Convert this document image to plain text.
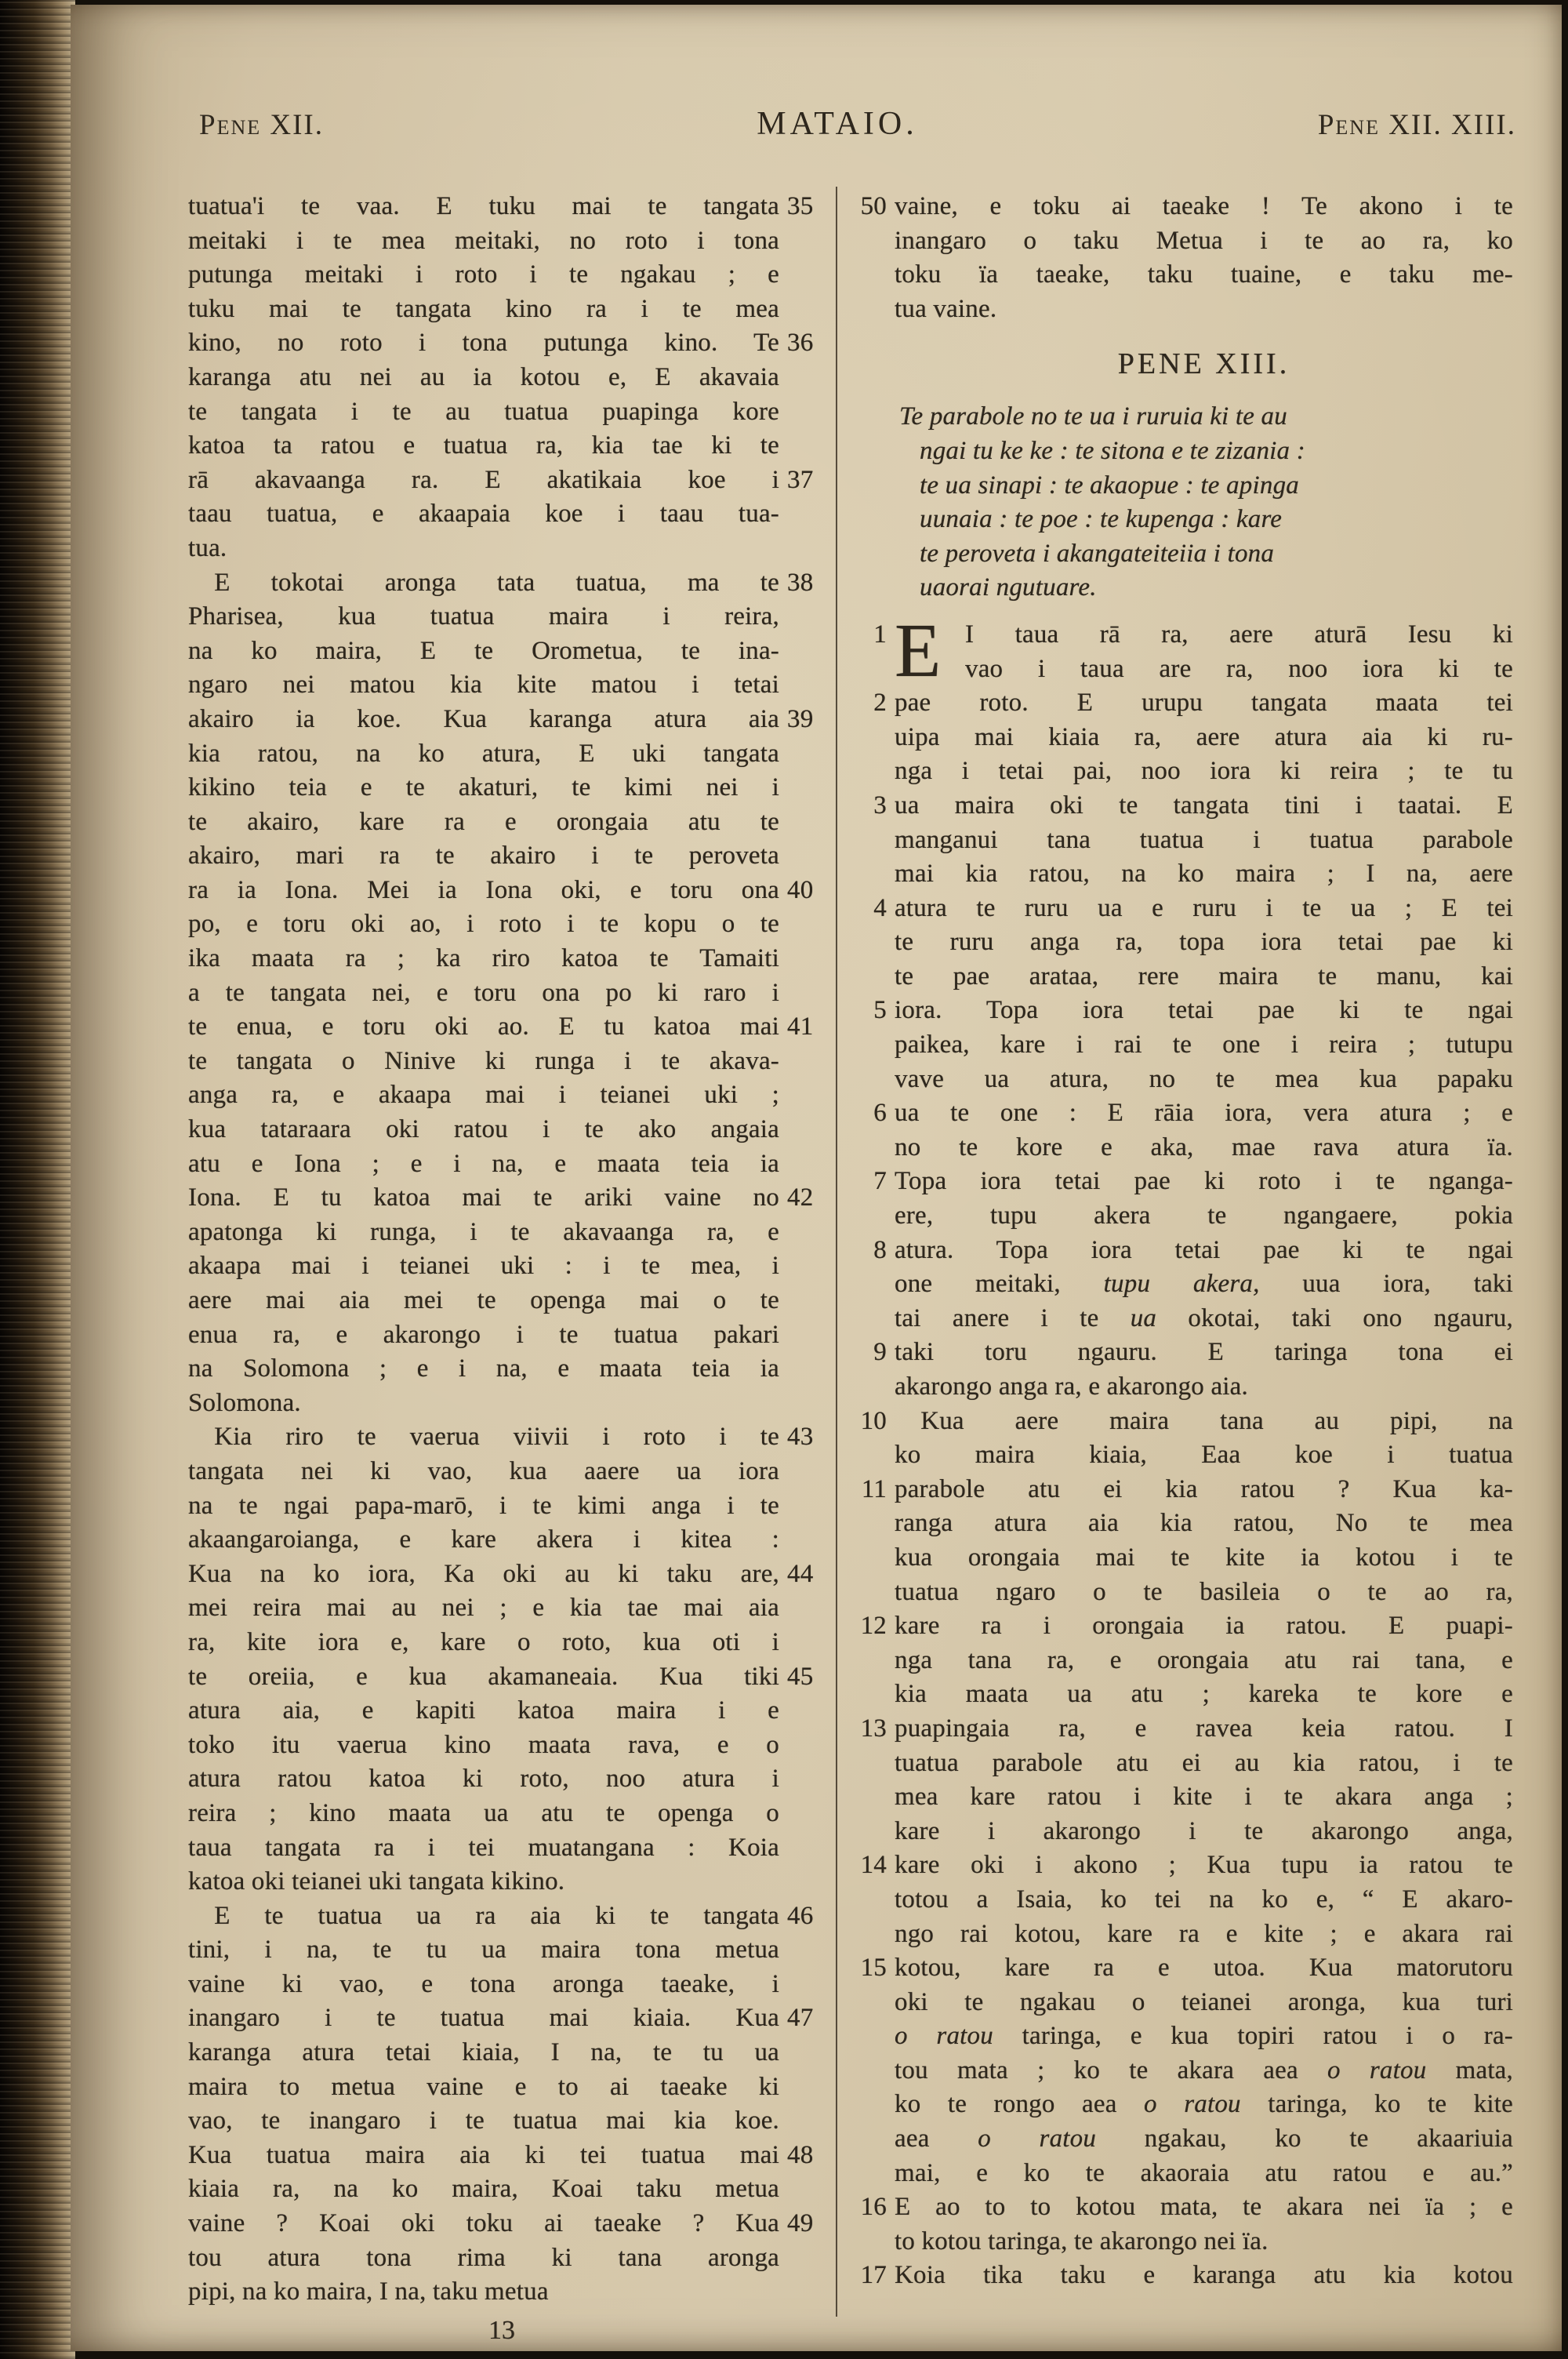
Pene XII.	MATAIO.	Pene XII. XIII.
35
tuatua'i te vaa. E tuku mai te tangata
meitaki i te mea meitaki, no roto i tona
putunga meitaki i roto i te ngakau ; e
tuku mai te tangata kino ra i te mea
36
kino, no roto i tona putunga kino. Te
karanga atu nei au ia kotou e, E akavaia
te tangata i te au tuatua puapinga kore
katoa ta ratou e tuatua ra, kia tae ki te
37
rā akavaanga ra. E akatikaia koe i
taau tuatua, e akaapaia koe i taau tua-
tua.
38
 E tokotai aronga tata tuatua, ma te
Pharisea, kua tuatua maira i reira,
na ko maira, E te Orometua, te ina-
ngaro nei matou kia kite matou i tetai
39
akairo ia koe. Kua karanga atura aia
kia ratou, na ko atura, E uki tangata
kikino teia e te akaturi, te kimi nei i
te akairo, kare ra e orongaia atu te
akairo, mari ra te akairo i te peroveta
40
ra ia Iona. Mei ia Iona oki, e toru ona
po, e toru oki ao, i roto i te kopu o te
ika maata ra ; ka riro katoa te Tamaiti
a te tangata nei, e toru ona po ki raro i
41
te enua, e toru oki ao. E tu katoa mai
te tangata o Ninive ki runga i te akava-
anga ra, e akaapa mai i teianei uki ;
kua tataraara oki ratou i te ako angaia
atu e Iona ; e i na, e maata teia ia
42
Iona. E tu katoa mai te ariki vaine no
apatonga ki runga, i te akavaanga ra, e
akaapa mai i teianei uki : i te mea, i
aere mai aia mei te openga mai o te
enua ra, e akarongo i te tuatua pakari
na Solomona ; e i na, e maata teia ia
Solomona.
43
 Kia riro te vaerua viivii i roto i te
tangata nei ki vao, kua aaere ua iora
na te ngai papa-marō, i te kimi anga i te
akaangaroianga, e kare akera i kitea :
44
Kua na ko iora, Ka oki au ki taku are,
mei reira mai au nei ; e kia tae mai aia
ra, kite iora e, kare o roto, kua oti i
45
te oreiia, e kua akamaneaia. Kua tiki
atura aia, e kapiti katoa maira i e
toko itu vaerua kino maata rava, e o
atura ratou katoa ki roto, noo atura i
reira ; kino maata ua atu te openga o
taua tangata ra i tei muatangana : Koia
katoa oki teianei uki tangata kikino.
46
 E te tuatua ua ra aia ki te tangata
tini, i na, te tu ua maira tona metua
vaine ki vao, e tona aronga taeake, i
47
inangaro i te tuatua mai kiaia. Kua
karanga atura tetai kiaia, I na, te tu ua
maira to metua vaine e to ai taeake ki
vao, te inangaro i te tuatua mai kia koe.
48
Kua tuatua maira aia ki tei tuatua mai
kiaia ra, na ko maira, Koai taku metua
49
vaine ? Koai oki toku ai taeake ? Kua
tou atura tona rima ki tana aronga
pipi, na ko maira, I na, taku metua
50 vaine, e toku ai taeake ! Te akono i te
inangaro o taku Metua i te ao ra, ko
toku ïa taeake, taku tuaine, e taku me-
tua vaine.
PENE XIII.
Te parabole no te ua i ruruia ki te au
ngai tu ke ke : te sitona e te zizania :
te ua sinapi : te akaopue : te apinga
uunaia : te poe : te kupenga : kare
te peroveta i akangateiteiia i tona
uaorai ngutuare.
E
1	I taua rā ra, aere aturā Iesu ki
vao i taua are ra, noo iora ki te
2 pae roto. E urupu tangata maata tei
uipa mai kiaia ra, aere atura aia ki ru-
nga i tetai pai, noo iora ki reira ; te tu
3 ua maira oki te tangata tini i taatai. E
manganui tana tuatua i tuatua parabole
mai kia ratou, na ko maira ; I na, aere
4 atura te ruru ua e ruru i te ua ; E tei
te ruru anga ra, topa iora tetai pae ki
te pae arataa, rere maira te manu, kai
5 iora. Topa iora tetai pae ki te ngai
paikea, kare i rai te one i reira ; tutupu
vave ua atura, no te mea kua papaku
6 ua te one : E rāia iora, vera atura ; e
no te kore e aka, mae rava atura ïa.
7 Topa iora tetai pae ki roto i te nganga-
ere, tupu akera te ngangaere, pokia
8 atura. Topa iora tetai pae ki te ngai
one meitaki, tupu akera, uua iora, taki
tai anere i te ua okotai, taki ono ngauru,
9 taki toru ngauru. E taringa tona ei
akarongo anga ra, e akarongo aia.
10  Kua aere maira tana au pipi, na
ko maira kiaia, Eaa koe i tuatua
11 parabole atu ei kia ratou ? Kua ka-
ranga atura aia kia ratou, No te mea
kua orongaia mai te kite ia kotou i te
tuatua ngaro o te basileia o te ao ra,
12 kare ra i orongaia ia ratou. E puapi-
nga tana ra, e orongaia atu rai tana, e
kia maata ua atu ; kareka te kore e
13 puapingaia ra, e ravea keia ratou. I
tuatua parabole atu ei au kia ratou, i te
mea kare ratou i kite i te akara anga ;
kare i akarongo i te akarongo anga,
14 kare oki i akono ; Kua tupu ia ratou te
totou a Isaia, ko tei na ko e, “ E akaro-
ngo rai kotou, kare ra e kite ; e akara rai
15 kotou, kare ra e utoa. Kua matorutoru
oki te ngakau o teianei aronga, kua turi
o ratou taringa, e kua topiri ratou i o ra-
tou mata ; ko te akara aea o ratou mata,
ko te rongo aea o ratou taringa, ko te kite
aea o ratou ngakau, ko te akaariuia
mai, e ko te akaoraia atu ratou e au.”
16 E ao to to kotou mata, te akara nei ïa ; e
to kotou taringa, te akarongo nei ïa.
17 Koia tika taku e karanga atu kia kotou
13
